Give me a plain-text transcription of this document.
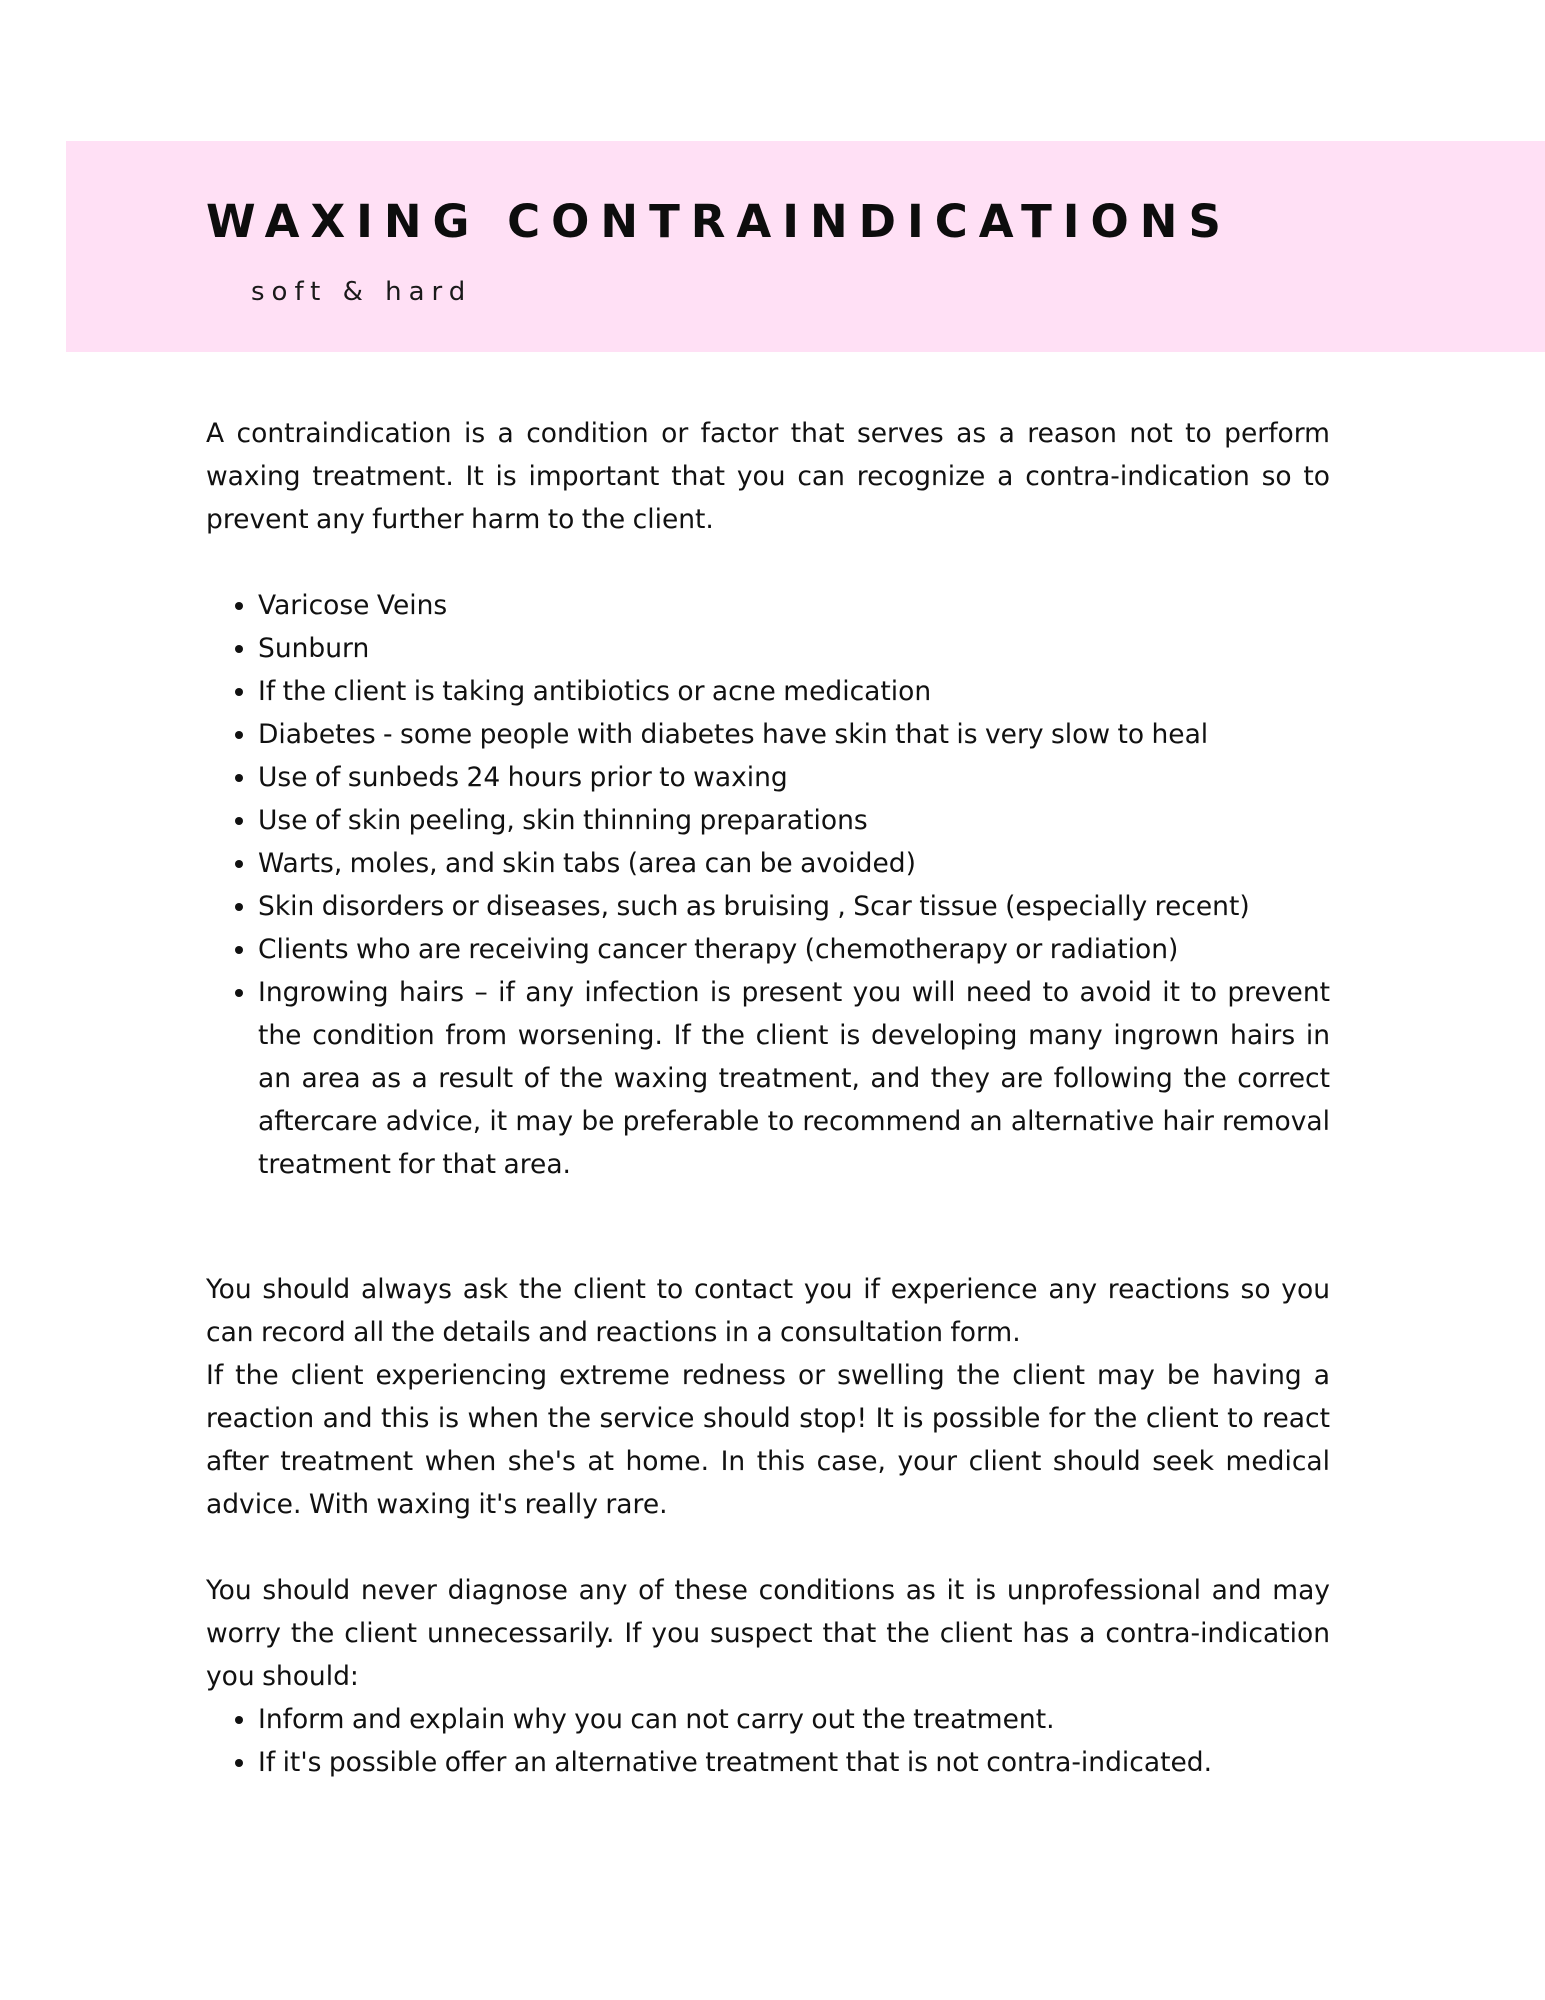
WAXING CONTRAINDICATIONS
soft & hard

A contraindication is a condition or factor that serves as a reason not to perform waxing treatment. It is important that you can recognize a contra-indication so to prevent any further harm to the client.

• Varicose Veins
• Sunburn
• If the client is taking antibiotics or acne medication
• Diabetes - some people with diabetes have skin that is very slow to heal
• Use of sunbeds 24 hours prior to waxing
• Use of skin peeling, skin thinning preparations
• Warts, moles, and skin tabs (area can be avoided)
• Skin disorders or diseases, such as bruising , Scar tissue (especially recent)
• Clients who are receiving cancer therapy (chemotherapy or radiation)
• Ingrowing hairs – if any infection is present you will need to avoid it to prevent the condition from worsening. If the client is developing many ingrown hairs in an area as a result of the waxing treatment, and they are following the correct aftercare advice, it may be preferable to recommend an alternative hair removal treatment for that area.

You should always ask the client to contact you if experience any reactions so you can record all the details and reactions in a consultation form.

If the client experiencing extreme redness or swelling the client may be having a reaction and this is when the service should stop! It is possible for the client to react after treatment when she's at home. In this case, your client should seek medical advice. With waxing it's really rare.

You should never diagnose any of these conditions as it is unprofessional and may worry the client unnecessarily. If you suspect that the client has a contra-indication you should:

• Inform and explain why you can not carry out the treatment.
• If it's possible offer an alternative treatment that is not contra-indicated.
